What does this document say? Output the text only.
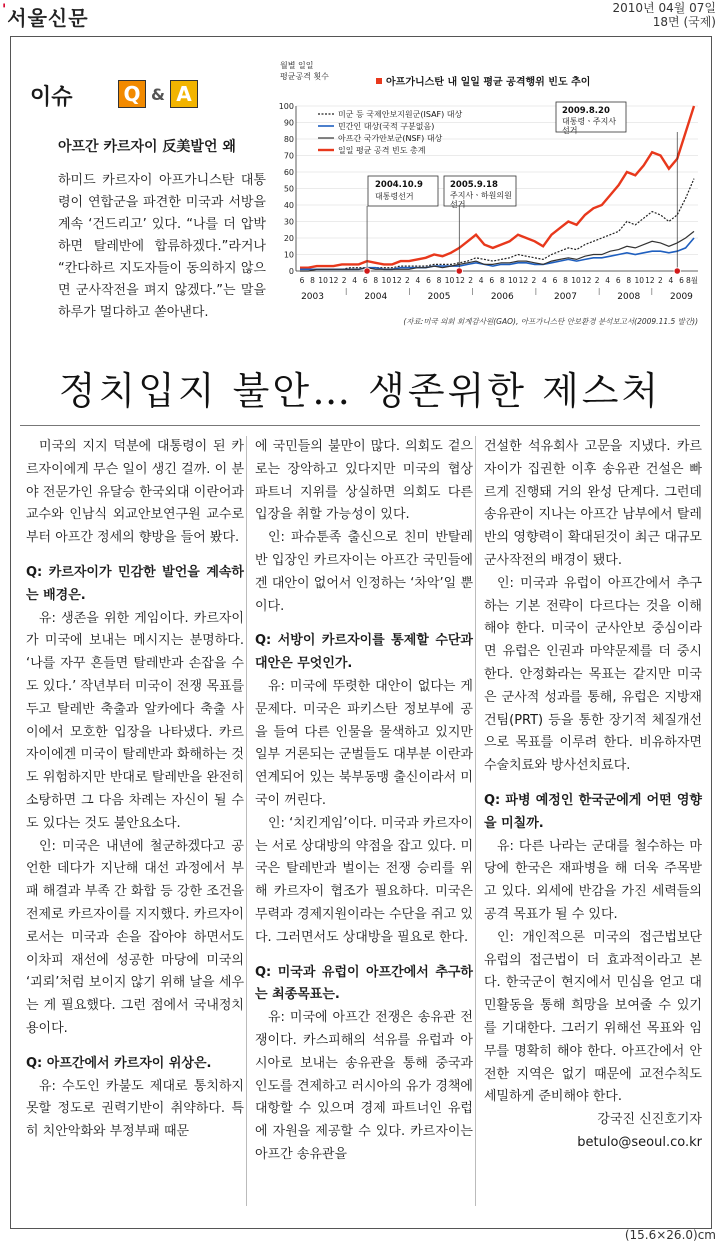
'서울신문	2010년 04월 07일
18면 (국제)
이슈	Q & A
아프간 카르자이 反美발언 왜
하미드 카르자이 아프가니스탄 대통령이 연합군을 파견한 미국과 서방을 계속 ‘건드리고’ 있다. “나를 더 압박하면 탈레반에 합류하겠다.”라거나 “칸다하르 지도자들이 동의하지 않으면 군사작전을 펴지 않겠다.”는 말을 하루가 멀다하고 쏟아낸다.
0
10
20
30
40
50
60
70
80
90
100
월별 일일
평균공격 횟수
아프가니스탄 내 일일 평균 공격행위 빈도 추이
6 8 10 12 2 4 6 8 10 12 2 4 6 8 10 12 2 4 6 8 10 12 2 4 6 8 10 12 2 4 6 8 10 12 2 4 6 8월
2003	2004	2005	2006	2007	2008	2009
미군 등 국제안보지원군(ISAF) 대상
민간인 대상(국적 구분없음)
아프간 국가안보군(NSF) 대상
일일 평균 공격 빈도 총계
2004.10.9
대통령선거
2005.9.18
주지사ㆍ하원의원
선거
2009.8.20
대통령ㆍ주지사
선거
(자료:미국 의회 회계감사원(GAO), 아프가니스탄 안보환경 분석보고서(2009.11.5 발간))
정치입지 불안… 생존위한 제스처

미국의 지지 덕분에 대통령이 된 카르자이에게 무슨 일이 생긴 걸까. 이 분야 전문가인 유달승 한국외대 이란어과 교수와 인남식 외교안보연구원 교수로부터 아프간 정세의 향방을 들어 봤다.

Q: 카르자이가 민감한 발언을 계속하는 배경은.

유: 생존을 위한 게임이다. 카르자이가 미국에 보내는 메시지는 분명하다. ‘나를 자꾸 흔들면 탈레반과 손잡을 수도 있다.’ 작년부터 미국이 전쟁 목표를 두고 탈레반 축출과 알카에다 축출 사이에서 모호한 입장을 나타냈다. 카르자이에겐 미국이 탈레반과 화해하는 것도 위험하지만 반대로 탈레반을 완전히 소탕하면 그 다음 차례는 자신이 될 수도 있다는 것도 불안요소다.

인: 미국은 내년에 철군하겠다고 공언한 데다가 지난해 대선 과정에서 부패 해결과 부족 간 화합 등 강한 조건을 전제로 카르자이를 지지했다. 카르자이로서는 미국과 손을 잡아야 하면서도 이차피 재선에 성공한 마당에 미국의 ‘괴뢰’처럼 보이지 않기 위해 날을 세우는 게 필요했다. 그런 점에서 국내정치용이다.

Q: 아프간에서 카르자이 위상은.

유: 수도인 카불도 제대로 통치하지 못할 정도로 권력기반이 취약하다. 특히 치안악화와 부정부패 때문

에 국민들의 불만이 많다. 의회도 겉으로는 장악하고 있다지만 미국의 협상 파트너 지위를 상실하면 의회도 다른 입장을 취할 가능성이 있다.

인: 파슈툰족 출신으로 친미 반탈레반 입장인 카르자이는 아프간 국민들에겐 대안이 없어서 인정하는 ‘차악’일 뿐이다.

Q: 서방이 카르자이를 통제할 수단과 대안은 무엇인가.

유: 미국에 뚜렷한 대안이 없다는 게 문제다. 미국은 파키스탄 정보부에 공을 들여 다른 인물을 물색하고 있지만 일부 거론되는 군벌들도 대부분 이란과 연계되어 있는 북부동맹 출신이라서 미국이 꺼린다.

인: ‘치킨게임’이다. 미국과 카르자이는 서로 상대방의 약점을 잡고 있다. 미국은 탈레반과 벌이는 전쟁 승리를 위해 카르자이 협조가 필요하다. 미국은 무력과 경제지원이라는 수단을 쥐고 있다. 그러면서도 상대방을 필요로 한다.

Q: 미국과 유럽이 아프간에서 추구하는 최종목표는.

유: 미국에 아프간 전쟁은 송유관 전쟁이다. 카스피해의 석유를 유럽과 아시아로 보내는 송유관을 통해 중국과 인도를 견제하고 러시아의 유가 경책에 대항할 수 있으며 경제 파트너인 유럽에 자원을 제공할 수 있다. 카르자이는 아프간 송유관을

건설한 석유회사 고문을 지냈다. 카르자이가 집권한 이후 송유관 건설은 빠르게 진행돼 거의 완성 단계다. 그런데 송유관이 지나는 아프간 남부에서 탈레반의 영향력이 확대된것이 최근 대규모 군사작전의 배경이 됐다.

인: 미국과 유럽이 아프간에서 추구하는 기본 전략이 다르다는 것을 이해해야 한다. 미국이 군사안보 중심이라면 유럽은 인권과 마약문제를 더 중시한다. 안정화라는 목표는 같지만 미국은 군사적 성과를 통해, 유럽은 지방재건팀(PRT) 등을 통한 장기적 체질개선으로 목표를 이루려 한다. 비유하자면 수술치료와 방사선치료다.

Q: 파병 예정인 한국군에게 어떤 영향을 미칠까.

유: 다른 나라는 군대를 철수하는 마당에 한국은 재파병을 해 더욱 주목받고 있다. 외세에 반감을 가진 세력들의 공격 목표가 될 수 있다.

인: 개인적으론 미국의 접근법보단 유럽의 접근법이 더 효과적이라고 본다. 한국군이 현지에서 민심을 얻고 대민활동을 통해 희망을 보여줄 수 있기를 기대한다. 그러기 위해선 목표와 임무를 명확히 해야 한다. 아프간에서 안전한 지역은 없기 때문에 교전수칙도 세밀하게 준비해야 한다.

강국진 신진호기자

betulo@seoul.co.kr

(15.6×26.0)cm
